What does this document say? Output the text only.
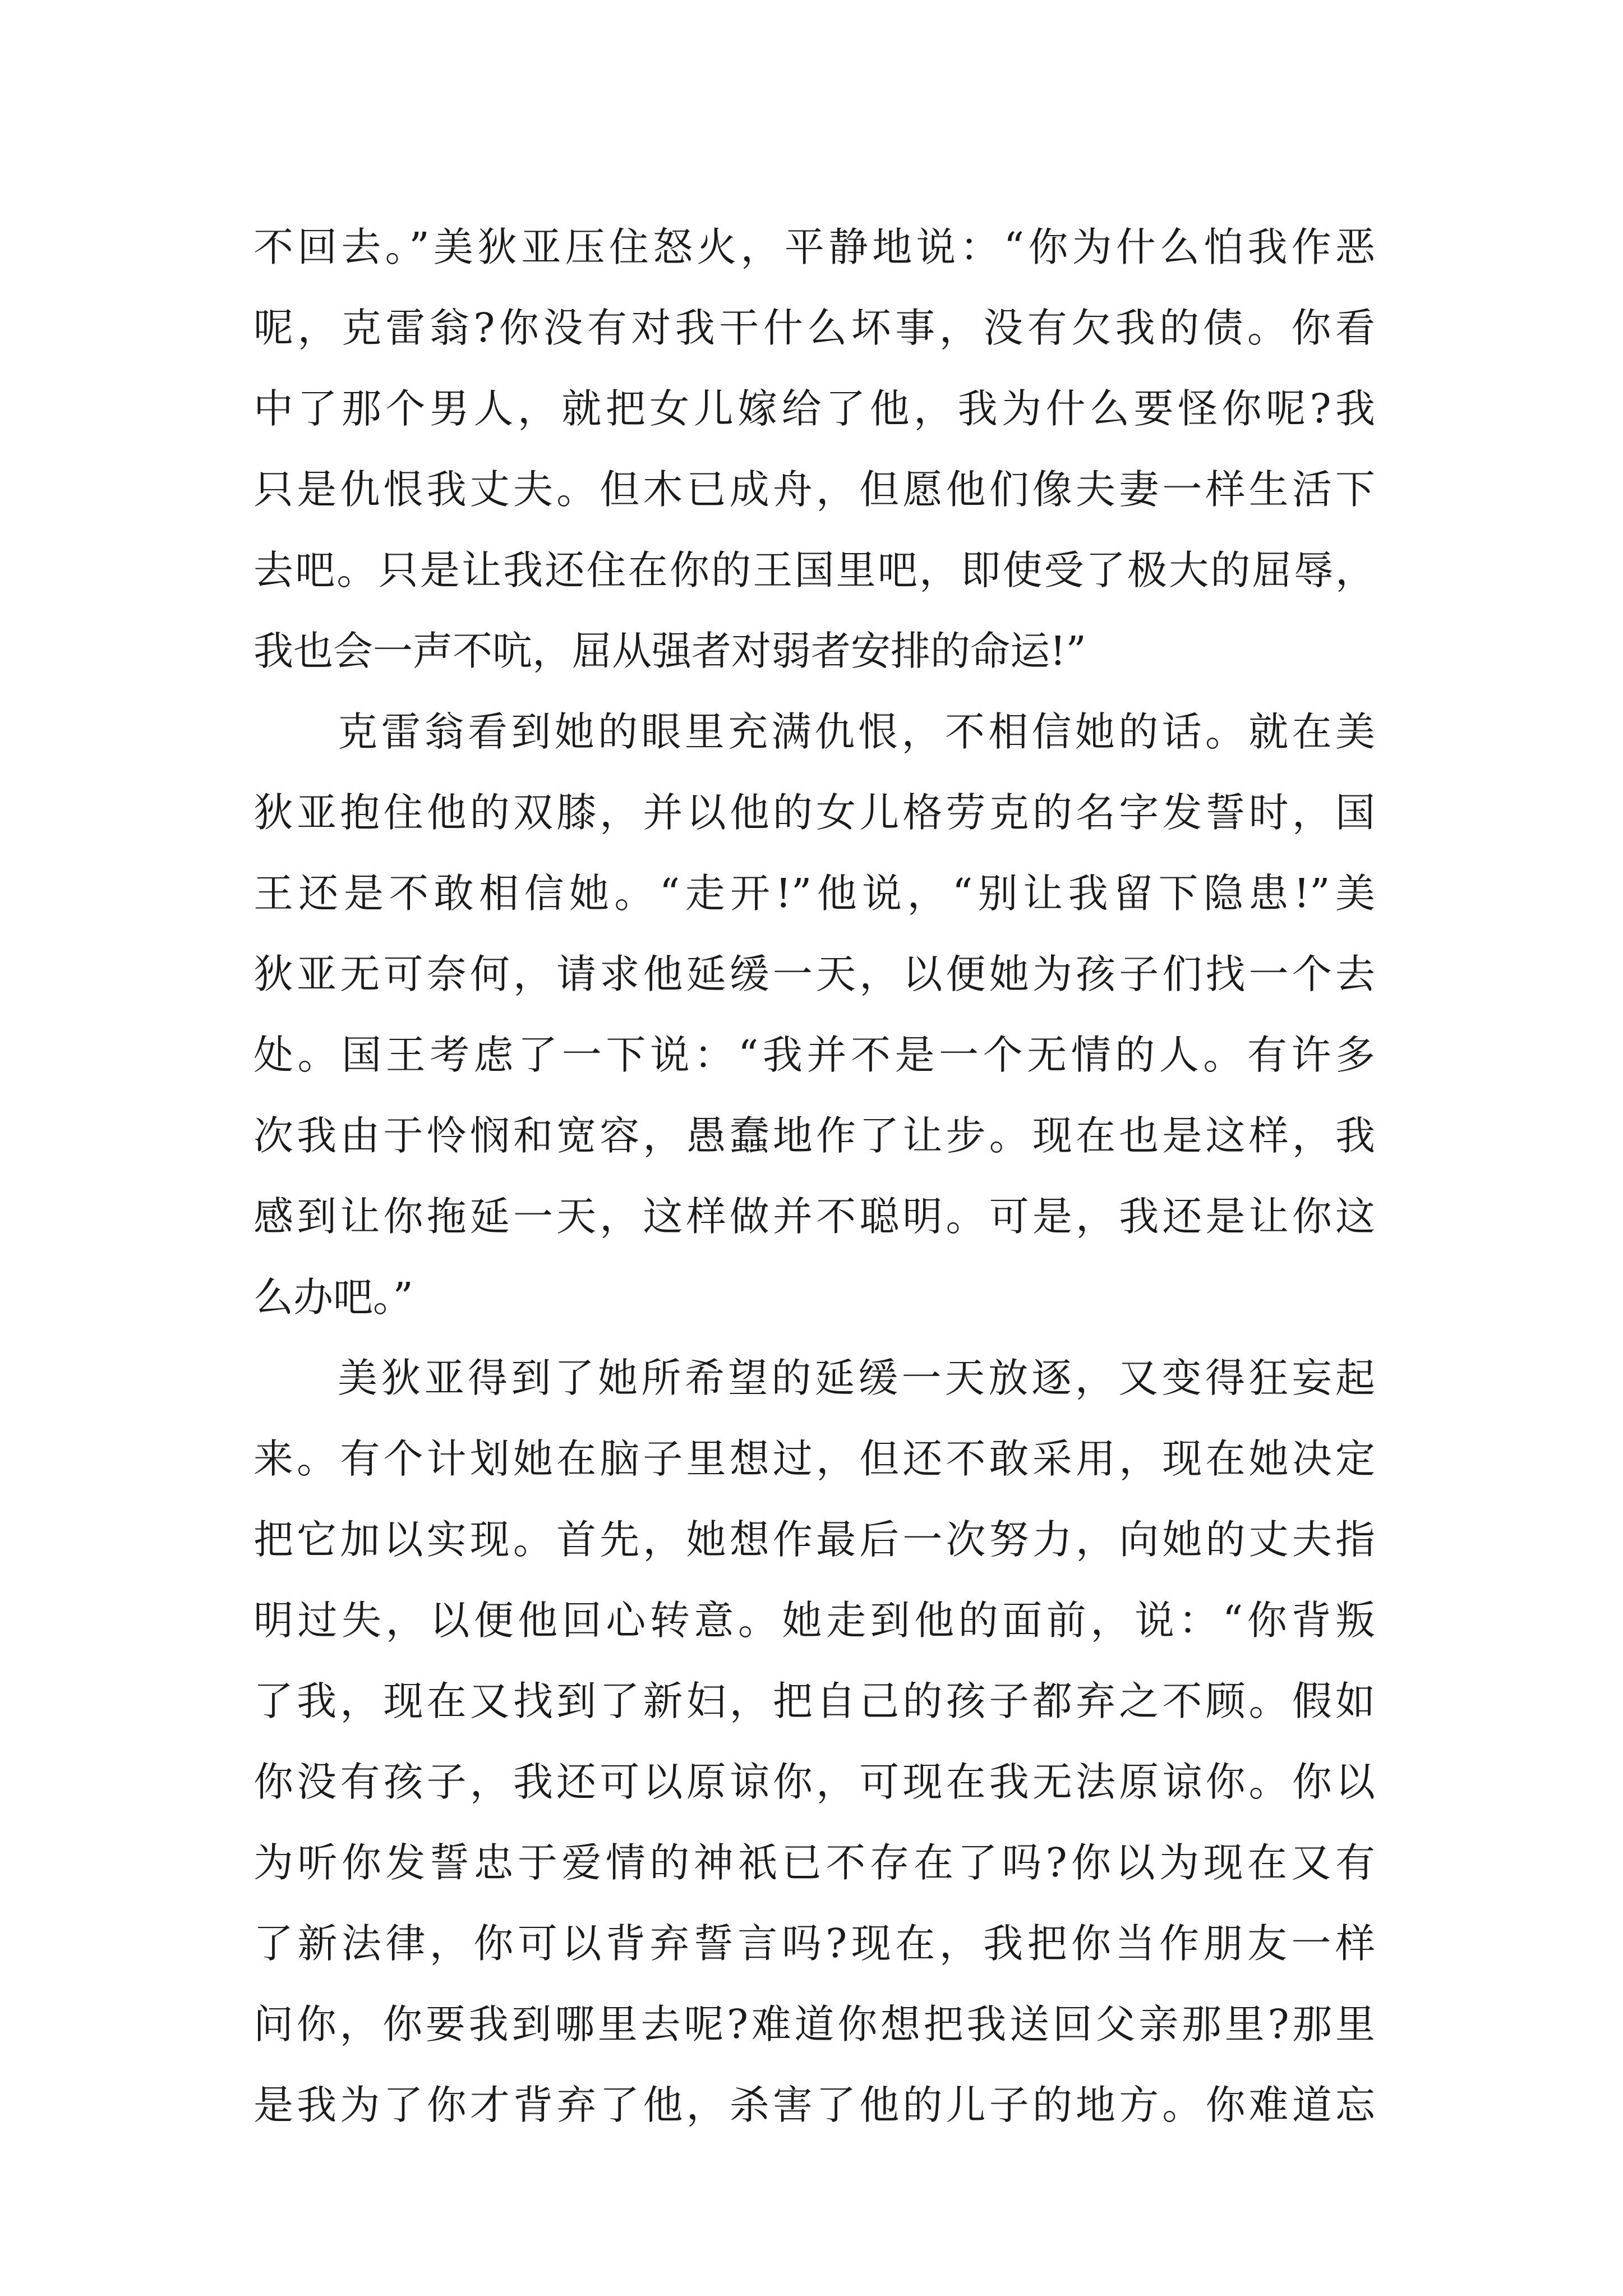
不回去。”美狄亚压住怒火，平静地说：“你为什么怕我作恶
呢，克雷翁?你没有对我干什么坏事，没有欠我的债。你看
中了那个男人，就把女儿嫁给了他，我为什么要怪你呢?我
只是仇恨我丈夫。但木已成舟，但愿他们像夫妻一样生活下
去吧。只是让我还住在你的王国里吧，即使受了极大的屈辱，
我也会一声不吭，屈从强者对弱者安排的命运!”
克雷翁看到她的眼里充满仇恨，不相信她的话。就在美
狄亚抱住他的双膝，并以他的女儿格劳克的名字发誓时，国
王还是不敢相信她。“走开!”他说，“别让我留下隐患!”美
狄亚无可奈何，请求他延缓一天，以便她为孩子们找一个去
处。国王考虑了一下说：“我并不是一个无情的人。有许多
次我由于怜悯和宽容，愚蠢地作了让步。现在也是这样，我
感到让你拖延一天，这样做并不聪明。可是，我还是让你这
么办吧。”
美狄亚得到了她所希望的延缓一天放逐，又变得狂妄起
来。有个计划她在脑子里想过，但还不敢采用，现在她决定
把它加以实现。首先，她想作最后一次努力，向她的丈夫指
明过失，以便他回心转意。她走到他的面前，说：“你背叛
了我，现在又找到了新妇，把自己的孩子都弃之不顾。假如
你没有孩子，我还可以原谅你，可现在我无法原谅你。你以
为听你发誓忠于爱情的神祇已不存在了吗?你以为现在又有
了新法律，你可以背弃誓言吗?现在，我把你当作朋友一样
问你，你要我到哪里去呢?难道你想把我送回父亲那里?那里
是我为了你才背弃了他，杀害了他的儿子的地方。你难道忘
